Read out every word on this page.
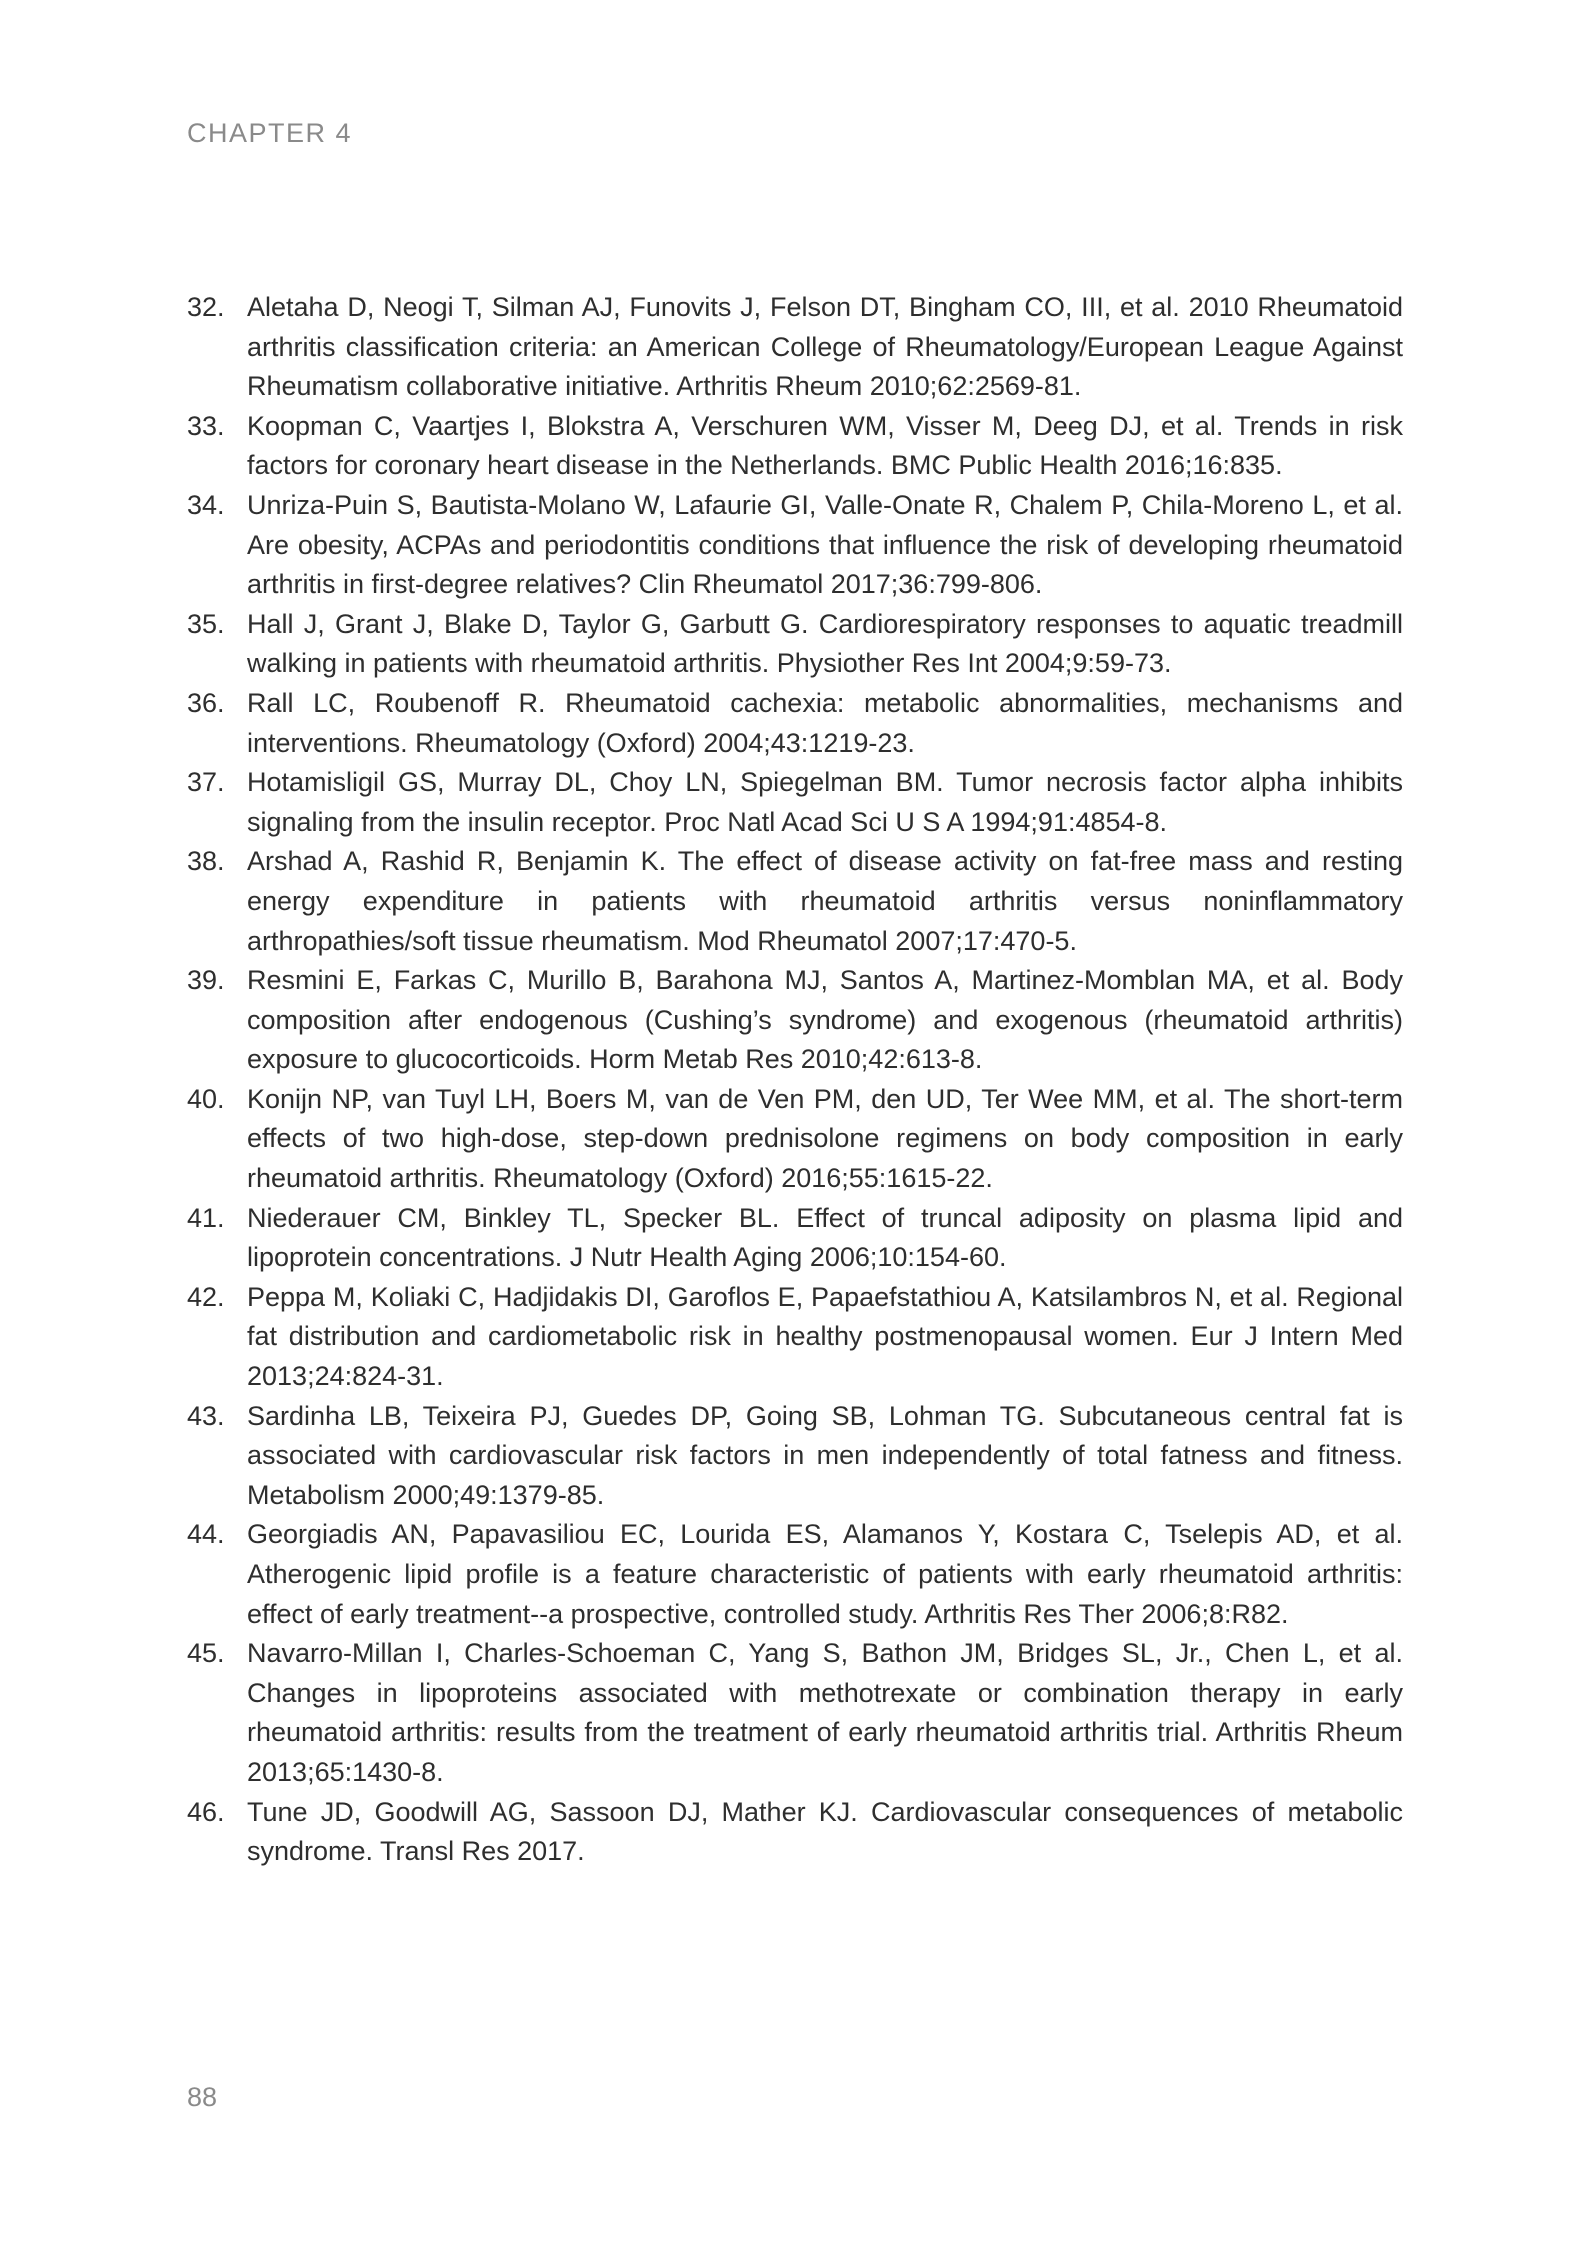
CHAPTER 4
32. Aletaha D, Neogi T, Silman AJ, Funovits J, Felson DT, Bingham CO, III, et al. 2010 Rheumatoid arthritis classification criteria: an American College of Rheumatology/European League Against Rheumatism collaborative initiative. Arthritis Rheum 2010;62:2569-81.
33. Koopman C, Vaartjes I, Blokstra A, Verschuren WM, Visser M, Deeg DJ, et al. Trends in risk factors for coronary heart disease in the Netherlands. BMC Public Health 2016;16:835.
34. Unriza-Puin S, Bautista-Molano W, Lafaurie GI, Valle-Onate R, Chalem P, Chila-Moreno L, et al. Are obesity, ACPAs and periodontitis conditions that influence the risk of developing rheumatoid arthritis in first-degree relatives? Clin Rheumatol 2017;36:799-806.
35. Hall J, Grant J, Blake D, Taylor G, Garbutt G. Cardiorespiratory responses to aquatic treadmill walking in patients with rheumatoid arthritis. Physiother Res Int 2004;9:59-73.
36. Rall LC, Roubenoff R. Rheumatoid cachexia: metabolic abnormalities, mechanisms and interventions. Rheumatology (Oxford) 2004;43:1219-23.
37. Hotamisligil GS, Murray DL, Choy LN, Spiegelman BM. Tumor necrosis factor alpha inhibits signaling from the insulin receptor. Proc Natl Acad Sci U S A 1994;91:4854-8.
38. Arshad A, Rashid R, Benjamin K. The effect of disease activity on fat-free mass and resting energy expenditure in patients with rheumatoid arthritis versus noninflammatory arthropathies/soft tissue rheumatism. Mod Rheumatol 2007;17:470-5.
39. Resmini E, Farkas C, Murillo B, Barahona MJ, Santos A, Martinez-Momblan MA, et al. Body composition after endogenous (Cushing’s syndrome) and exogenous (rheumatoid arthritis) exposure to glucocorticoids. Horm Metab Res 2010;42:613-8.
40. Konijn NP, van Tuyl LH, Boers M, van de Ven PM, den UD, Ter Wee MM, et al. The short-term effects of two high-dose, step-down prednisolone regimens on body composition in early rheumatoid arthritis. Rheumatology (Oxford) 2016;55:1615-22.
41. Niederauer CM, Binkley TL, Specker BL. Effect of truncal adiposity on plasma lipid and lipoprotein concentrations. J Nutr Health Aging 2006;10:154-60.
42. Peppa M, Koliaki C, Hadjidakis DI, Garoflos E, Papaefstathiou A, Katsilambros N, et al. Regional fat distribution and cardiometabolic risk in healthy postmenopausal women. Eur J Intern Med 2013;24:824-31.
43. Sardinha LB, Teixeira PJ, Guedes DP, Going SB, Lohman TG. Subcutaneous central fat is associated with cardiovascular risk factors in men independently of total fatness and fitness. Metabolism 2000;49:1379-85.
44. Georgiadis AN, Papavasiliou EC, Lourida ES, Alamanos Y, Kostara C, Tselepis AD, et al. Atherogenic lipid profile is a feature characteristic of patients with early rheumatoid arthritis: effect of early treatment--a prospective, controlled study. Arthritis Res Ther 2006;8:R82.
45. Navarro-Millan I, Charles-Schoeman C, Yang S, Bathon JM, Bridges SL, Jr., Chen L, et al. Changes in lipoproteins associated with methotrexate or combination therapy in early rheumatoid arthritis: results from the treatment of early rheumatoid arthritis trial. Arthritis Rheum 2013;65:1430-8.
46. Tune JD, Goodwill AG, Sassoon DJ, Mather KJ. Cardiovascular consequences of metabolic syndrome. Transl Res 2017.
88
